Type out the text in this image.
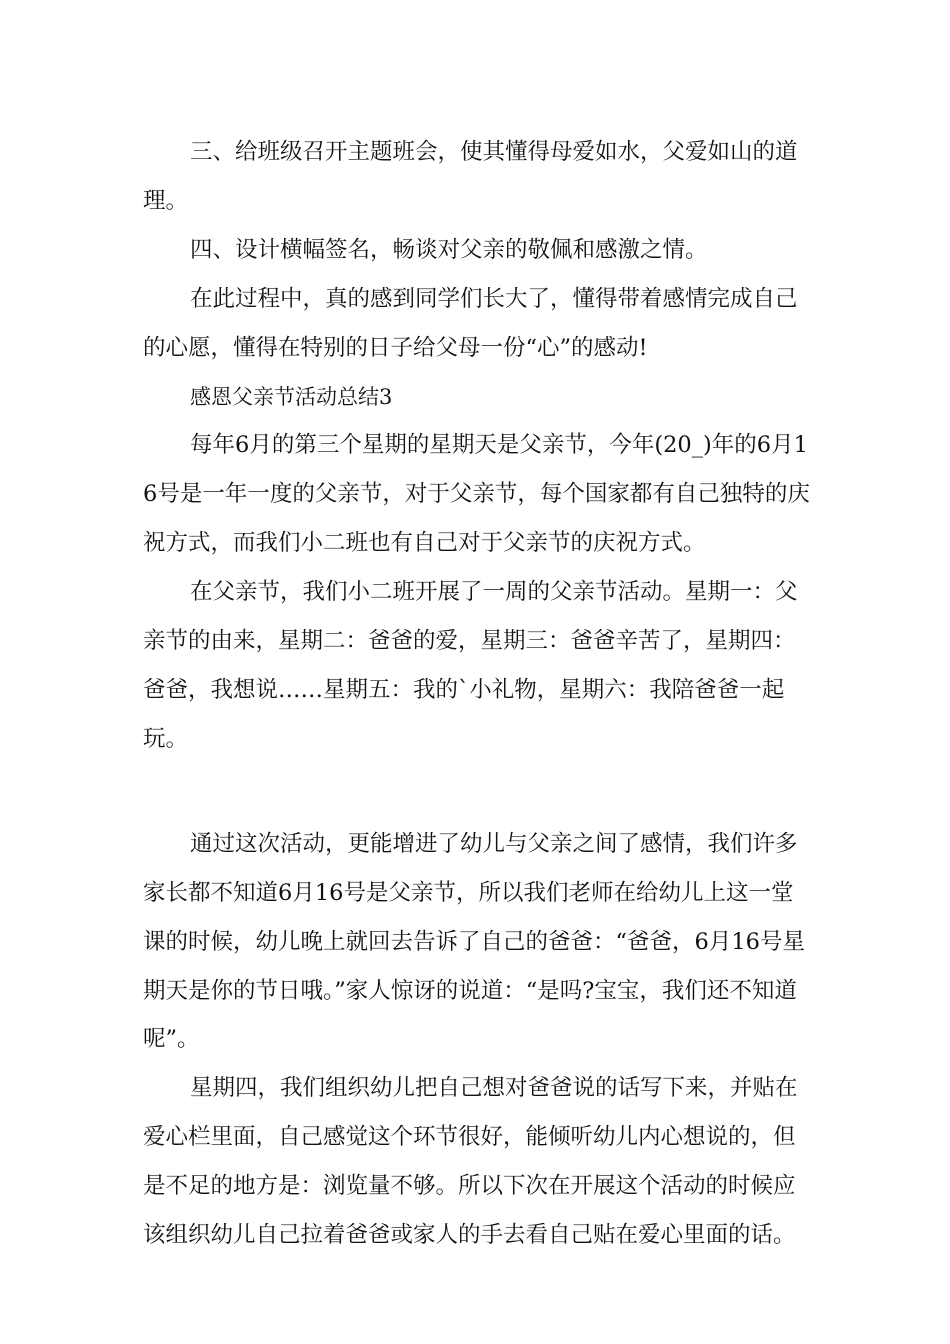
三、给班级召开主题班会，使其懂得母爱如水，父爱如山的道理。

四、设计横幅签名，畅谈对父亲的敬佩和感激之情。

在此过程中，真的感到同学们长大了，懂得带着感情完成自己的心愿，懂得在特别的日子给父母一份“心”的感动!

感恩父亲节活动总结3

每年6月的第三个星期的星期天是父亲节，今年(20_)年的6月16号是一年一度的父亲节，对于父亲节，每个国家都有自己独特的庆祝方式，而我们小二班也有自己对于父亲节的庆祝方式。

在父亲节，我们小二班开展了一周的父亲节活动。星期一：父亲节的由来，星期二：爸爸的爱，星期三：爸爸辛苦了，星期四：爸爸，我想说……星期五：我的`小礼物，星期六：我陪爸爸一起玩。

通过这次活动，更能增进了幼儿与父亲之间了感情，我们许多家长都不知道6月16号是父亲节，所以我们老师在给幼儿上这一堂课的时候，幼儿晚上就回去告诉了自己的爸爸：“爸爸，6月16号星期天是你的节日哦。”家人惊讶的说道：“是吗?宝宝，我们还不知道呢”。

星期四，我们组织幼儿把自己想对爸爸说的话写下来，并贴在爱心栏里面，自己感觉这个环节很好，能倾听幼儿内心想说的，但是不足的地方是：浏览量不够。所以下次在开展这个活动的时候应该组织幼儿自己拉着爸爸或家人的手去看自己贴在爱心里面的话。
